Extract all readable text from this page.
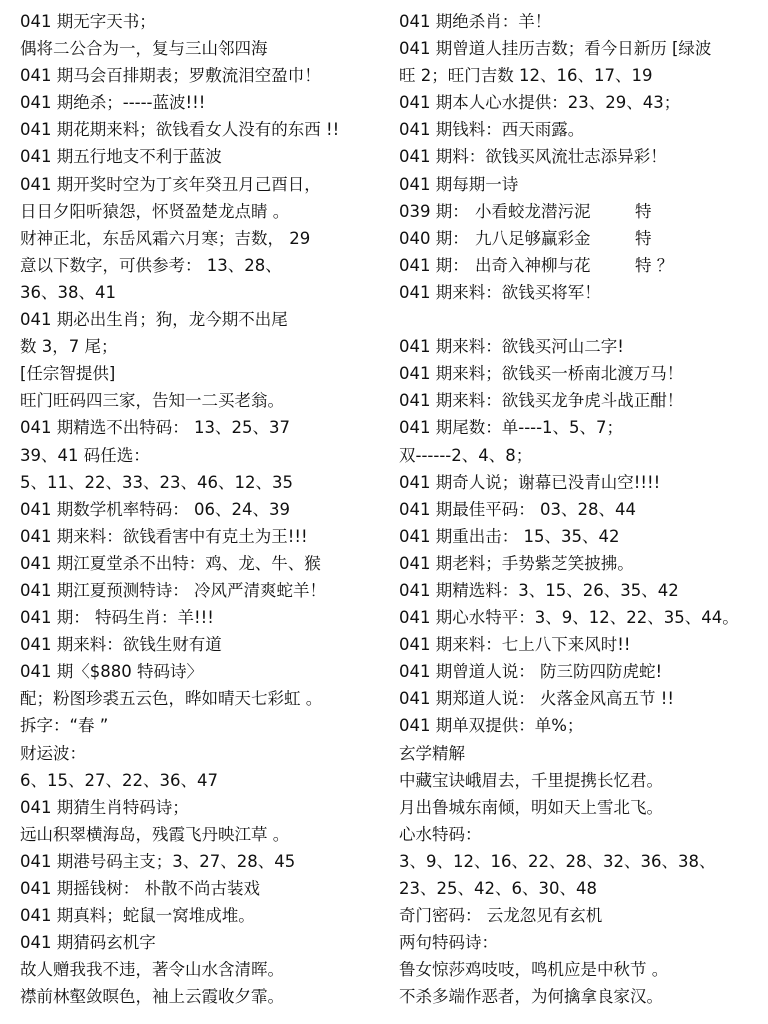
041 期无字天书；
偶将二公合为一，复与三山邻四海
041 期马会百排期表；罗敷流泪空盈巾！
041 期绝杀；-----蓝波!!!
041 期花期来料；欲钱看女人没有的东西 !!
041 期五行地支不利于蓝波
041 期开奖时空为丁亥年癸丑月己酉日，
日日夕阳听猿怨，怀贤盈楚龙点睛 。
财神正北，东岳风霜六月寒；吉数， 29
意以下数字，可供参考： 13、28、
36、38、41
041 期必出生肖；狗，龙今期不出尾
数 3，7 尾；
[任宗智提供]
旺门旺码四三家，告知一二买老翁。
041 期精选不出特码： 13、25、37
39、41 码任选：
5、11、22、33、23、46、12、35
041 期数学机率特码： 06、24、39
041 期来料：欲钱看害中有克土为王!!!
041 期江夏堂杀不出特：鸡、龙、牛、猴
041 期江夏预测特诗： 冷风严清爽蛇羊！
041 期： 特码生肖：羊!!!
041 期来料：欲钱生财有道
041 期〈$880 特码诗〉
配；粉图珍裘五云色，晔如晴天七彩虹 。
拆字：“春 ”
财运波：
6、15、27、22、36、47
041 期猜生肖特码诗；
远山积翠横海岛，残霞飞丹映江草 。
041 期港号码主支；3、27、28、45
041 期摇钱树： 朴散不尚古装戏
041 期真料；蛇鼠一窝堆成堆。
041 期猜码玄机字
故人赠我我不违，著令山水含清晖。
襟前林壑敛暝色，袖上云霞收夕霏。
041 期绝杀肖：羊！
041 期曾道人挂历吉数；看今日新历 [绿波
旺 2；旺门吉数 12、16、17、19
041 期本人心水提供：23、29、43；
041 期钱料：西天雨露。
041 期料：欲钱买风流壮志添异彩！
041 期每期一诗
039 期： 小看蛟龙潜污泥	特
040 期： 九八足够赢彩金	特
041 期： 出奇入神柳与花	特 ？
041 期来料：欲钱买将军！
041 期来料：欲钱买河山二字!
041 期来料；欲钱买一桥南北渡万马！
041 期来料：欲钱买龙争虎斗战正酣！
041 期尾数：单----1、5、7；
双------2、4、8；
041 期奇人说；谢幕已没青山空!!!!
041 期最佳平码： 03、28、44
041 期重出击： 15、35、42
041 期老料；手势紫芝笑披拂。
041 期精选料：3、15、26、35、42
041 期心水特平：3、9、12、22、35、44。
041 期来料：七上八下来风时!!
041 期曾道人说： 防三防四防虎蛇!
041 期郑道人说： 火落金风高五节 !!
041 期单双提供：单%；
玄学精解
中藏宝诀峨眉去，千里提携长忆君。
月出鲁城东南倾，明如天上雪北飞。
心水特码：
3、9、12、16、22、28、32、36、38、
23、25、42、6、30、48
奇门密码： 云龙忽见有玄机
两句特码诗：
鲁女惊莎鸡吱吱，鸣机应是中秋节 。
不杀多端作恶者，为何擒拿良家汉。
